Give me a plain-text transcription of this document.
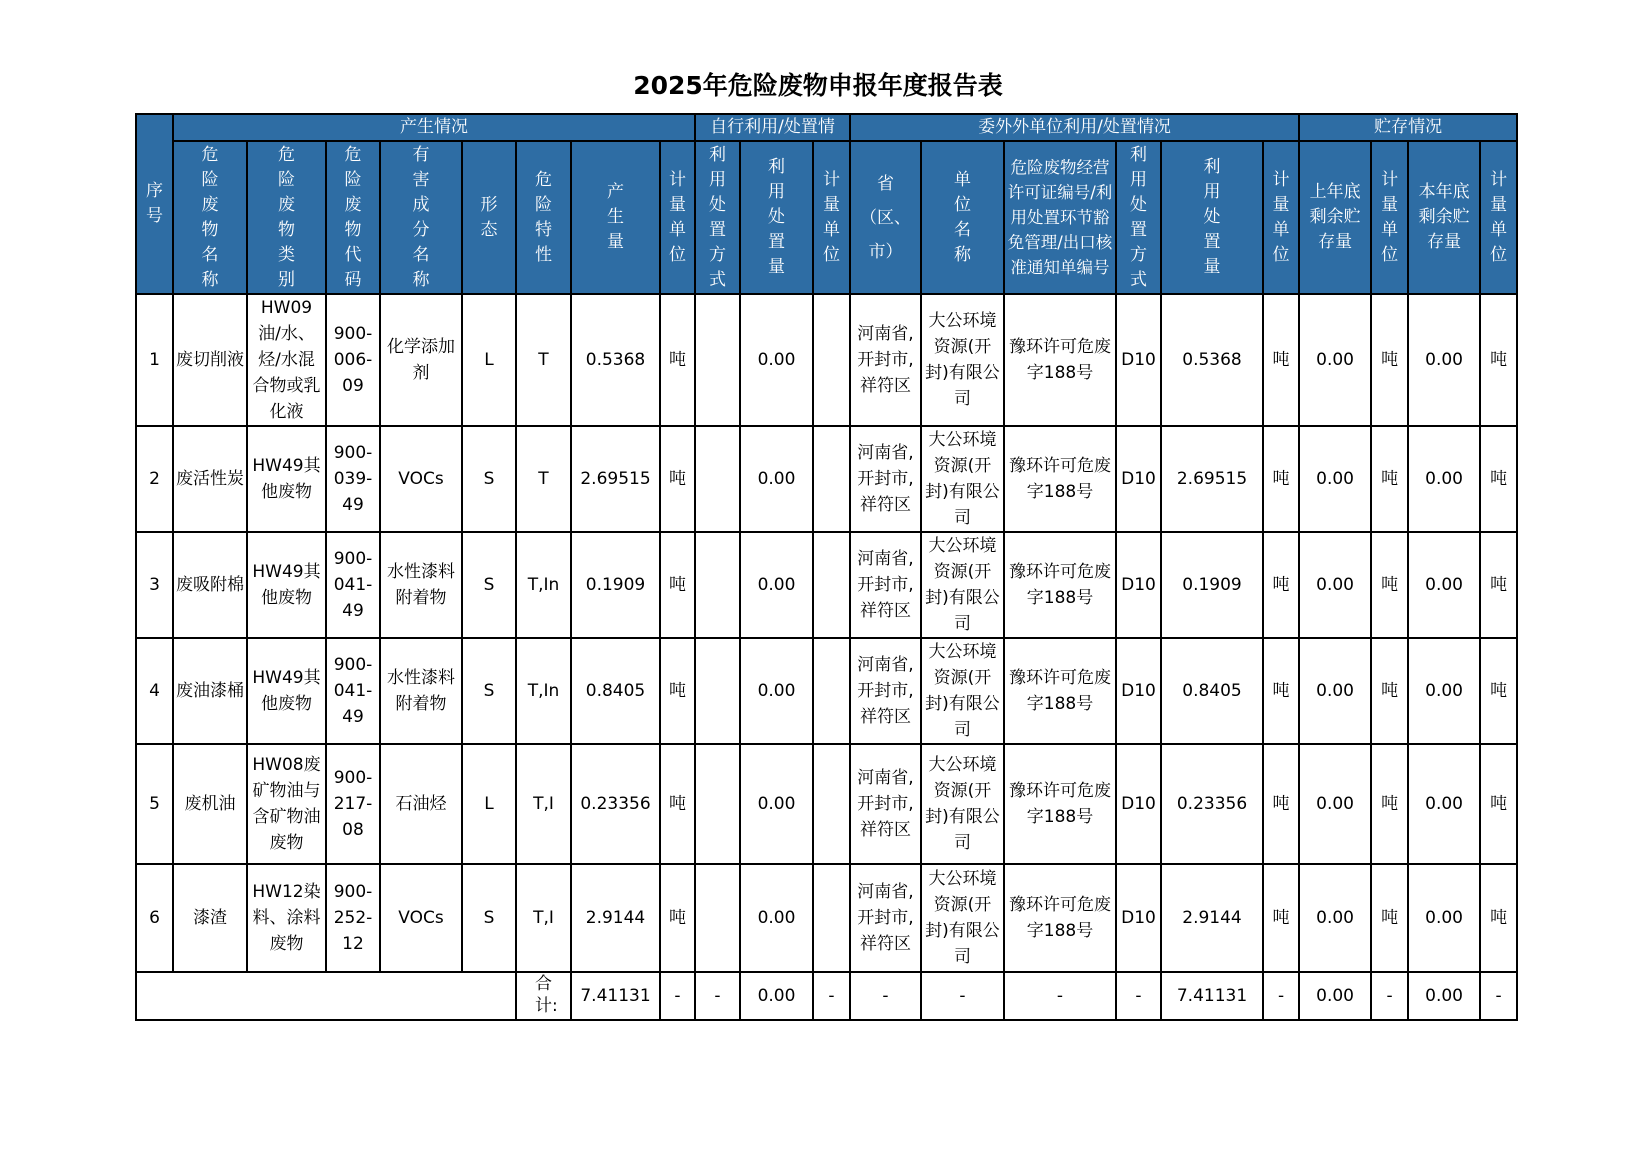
2025年危险废物申报年度报告表
序号	产生情况								自行利用/处置情			委外外单位利用/处置情况						贮存情况			
	危险废物名称	危险废物类别	危险废物代码	有害成分名称	形态	危险特性	产生量	计量单位	利用处置方式	利用处置量	计量单位	省（区、市）	单位名称	危险废物经营许可证编号/利用处置环节豁免管理/出口核准通知单编号	利用处置方式	利用处置量	计量单位	上年底剩余贮存量	计量单位	本年底剩余贮存量	计量单位
1	废切削液	HW09油/水、烃/水混合物或乳化液	900-006-09	化学添加剂	L	T	0.5368	吨		0.00		河南省,开封市,祥符区	大公环境资源(开封)有限公司	豫环许可危废字188号	D10	0.5368	吨	0.00	吨	0.00	吨
2	废活性炭	HW49其他废物	900-039-49	VOCs	S	T	2.69515	吨		0.00		河南省,开封市,祥符区	大公环境资源(开封)有限公司	豫环许可危废字188号	D10	2.69515	吨	0.00	吨	0.00	吨
3	废吸附棉	HW49其他废物	900-041-49	水性漆料附着物	S	T,In	0.1909	吨		0.00		河南省,开封市,祥符区	大公环境资源(开封)有限公司	豫环许可危废字188号	D10	0.1909	吨	0.00	吨	0.00	吨
4	废油漆桶	HW49其他废物	900-041-49	水性漆料附着物	S	T,In	0.8405	吨		0.00		河南省,开封市,祥符区	大公环境资源(开封)有限公司	豫环许可危废字188号	D10	0.8405	吨	0.00	吨	0.00	吨
5	废机油	HW08废矿物油与含矿物油废物	900-217-08	石油烃	L	T,I	0.23356	吨		0.00		河南省,开封市,祥符区	大公环境资源(开封)有限公司	豫环许可危废字188号	D10	0.23356	吨	0.00	吨	0.00	吨
6	漆渣	HW12染料、涂料废物	900-252-12	VOCs	S	T,I	2.9144	吨		0.00		河南省,开封市,祥符区	大公环境资源(开封)有限公司	豫环许可危废字188号	D10	2.9144	吨	0.00	吨	0.00	吨
						合计:	7.41131	-	-	0.00	-	-	-	-	-	7.41131	-	0.00	-	0.00	-
